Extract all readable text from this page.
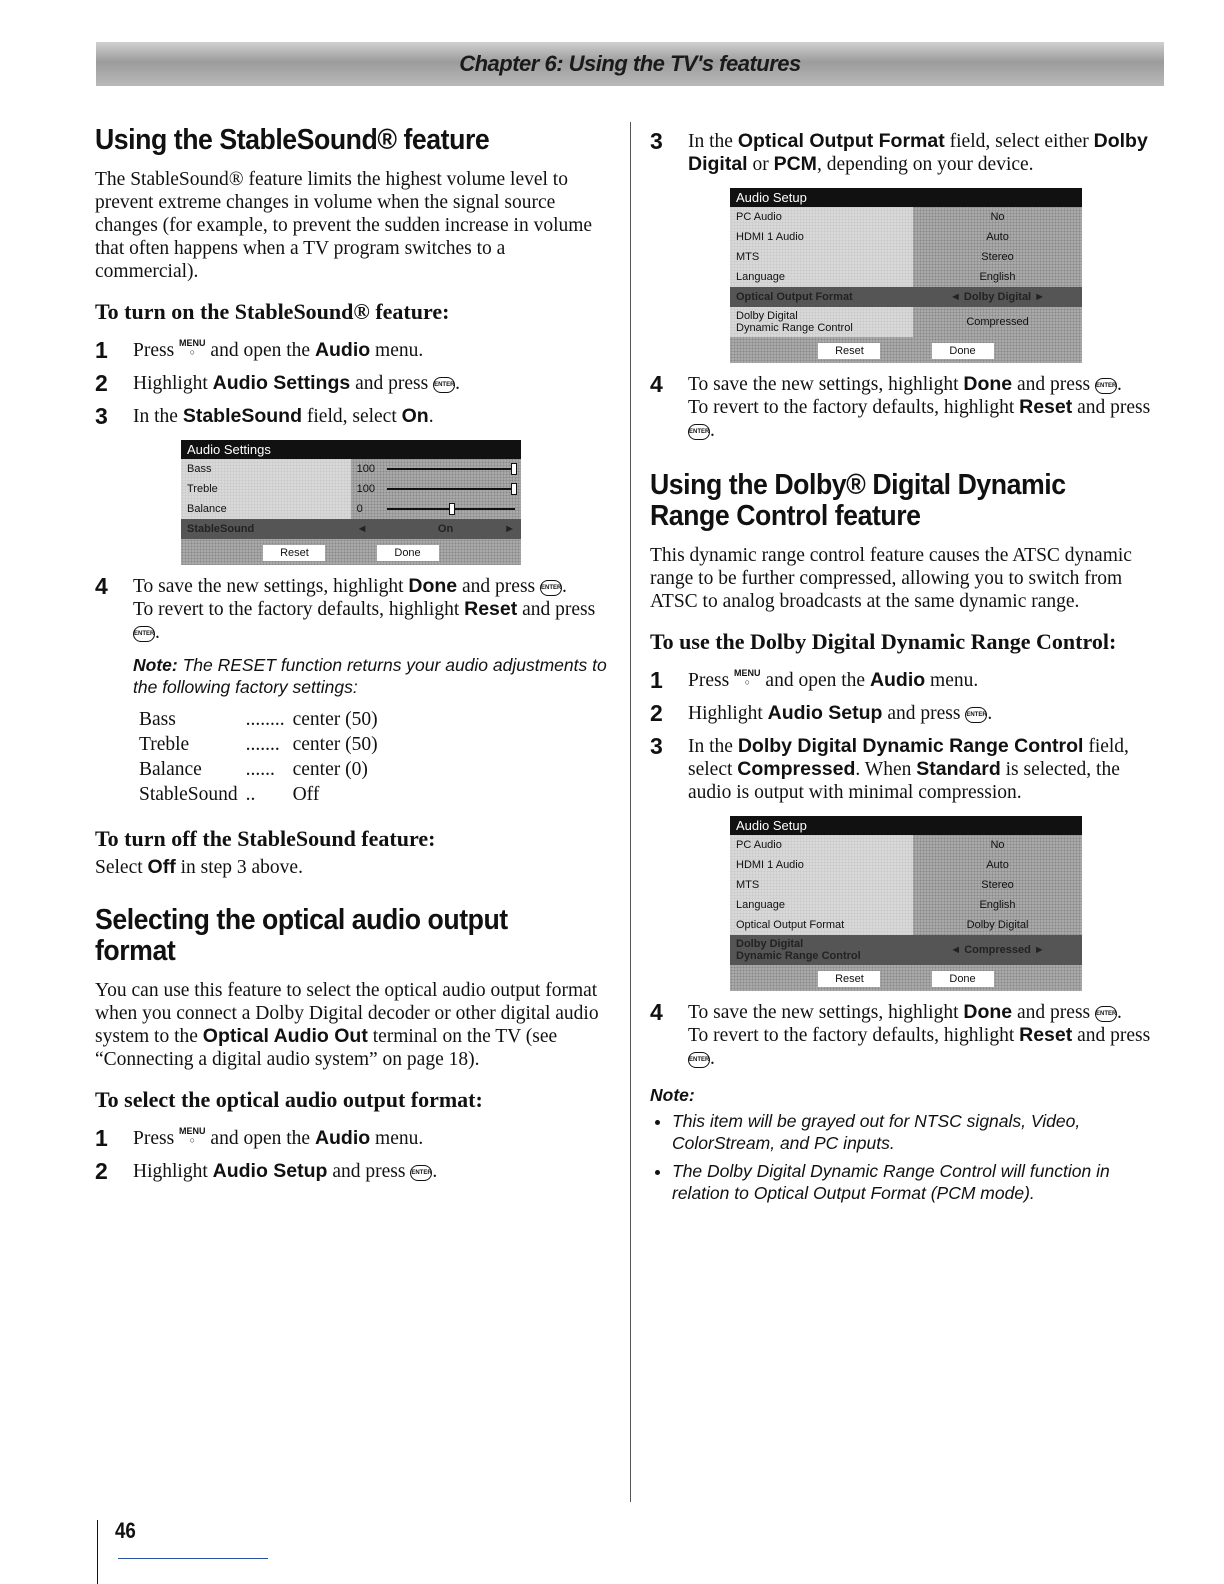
Chapter 6: Using the TV's features
Using the StableSound® feature

The StableSound® feature limits the highest volume level to prevent extreme changes in volume when the signal source changes (for example, to prevent the sudden increase in volume that often happens when a TV program switches to a commercial).

To turn on the StableSound® feature:
1	Press MENU
○ and open the Audio menu.
2	Highlight Audio Settings and press ENTER.
3	In the StableSound field, select On.
Audio Settings
Bass	100	

Treble	100	

Balance	0	

StableSound	◄	On ►
Reset	Done
4	To save the new settings, highlight Done and press ENTER.
To revert to the factory defaults, highlight Reset and press ENTER.
Note: The RESET function returns your audio adjustments to the following factory settings:
Bass	........	center (50)
Treble	.......	center (50)
Balance	......	center (0)
StableSound	..	Off
To turn off the StableSound feature:

Select Off in step 3 above.

Selecting the optical audio output format

You can use this feature to select the optical audio output format when you connect a Dolby Digital decoder or other digital audio system to the Optical Audio Out terminal on the TV (see “Connecting a digital audio system” on page 18).

To select the optical audio output format:
1	Press MENU
○ and open the Audio menu.
2	Highlight Audio Setup and press ENTER.
3	In the Optical Output Format field, select either Dolby Digital or PCM, depending on your device.
Audio Setup
PC Audio	No
HDMI 1 Audio	Auto
MTS	Stereo
Language	English
Optical Output Format	◄ Dolby Digital ►
Dolby Digital
Dynamic Range Control	Compressed
Reset	Done
4	To save the new settings, highlight Done and press ENTER.
To revert to the factory defaults, highlight Reset and press ENTER.
Using the Dolby® Digital Dynamic Range Control feature

This dynamic range control feature causes the ATSC dynamic range to be further compressed, allowing you to switch from ATSC to analog broadcasts at the same dynamic range.

To use the Dolby Digital Dynamic Range Control:
1	Press MENU
○ and open the Audio menu.
2	Highlight Audio Setup and press ENTER.
3	In the Dolby Digital Dynamic Range Control field, select Compressed. When Standard is selected, the audio is output with minimal compression.
Audio Setup
PC Audio	No
HDMI 1 Audio	Auto
MTS	Stereo
Language	English
Optical Output Format	Dolby Digital
Dolby Digital
Dynamic Range Control	◄ Compressed ►
Reset	Done
4	To save the new settings, highlight Done and press ENTER.
To revert to the factory defaults, highlight Reset and press ENTER.
Note:
• This item will be grayed out for NTSC signals, Video, ColorStream, and PC inputs.
• The Dolby Digital Dynamic Range Control will function in relation to Optical Output Format (PCM mode).
46
